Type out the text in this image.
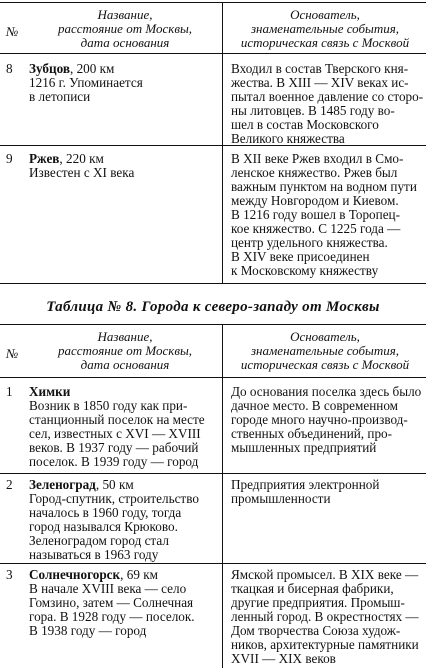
№
Название,
расстояние от Москвы,
дата основания
Основатель,
знаменательные события,
историческая связь с Москвой
8 Зубцов, 200 км
1216 г. Упоминается
в летописи
Входил в состав Тверского кня-
жества. В XIII — XIV веках ис-
пытал военное давление со сторо-
ны литовцев. В 1485 году во-
шел в состав Московского
Великого княжества
9 Ржев, 220 км
Известен с XI века
В XII веке Ржев входил в Смо-
ленское княжество. Ржев был
важным пунктом на водном пути
между Новгородом и Киевом.
В 1216 году вошел в Торопец-
кое княжество. С 1225 года —
центр удельного княжества.
В XIV веке присоединен
к Московскому княжеству
Таблица № 8. Города к северо-западу от Москвы
№
Название,
расстояние от Москвы,
дата основания
Основатель,
знаменательные события,
историческая связь с Москвой
1 Химки
Возник в 1850 году как при-
станционный поселок на месте
сел, известных с XVI — XVIII
веков. В 1937 году — рабочий
поселок. В 1939 году — город
До основания поселка здесь было
дачное место. В современном
городе много научно-производ-
ственных объединений, про-
мышленных предприятий
2 Зеленоград, 50 км
Город-спутник, строительство
началось в 1960 году, тогда
город назывался Крюково.
Зеленоградом город стал
называться в 1963 году
Предприятия электронной
промышленности
3 Солнечногорск, 69 км
В начале XVIII века — село
Гомзино, затем — Солнечная
гора. В 1928 году — поселок.
В 1938 году — город
Ямской промысел. В XIX веке —
ткацкая и бисерная фабрики,
другие предприятия. Промыш-
ленный город. В окрестностях —
Дом творчества Союза худож-
ников, архитектурные памятники
XVII — XIX веков
